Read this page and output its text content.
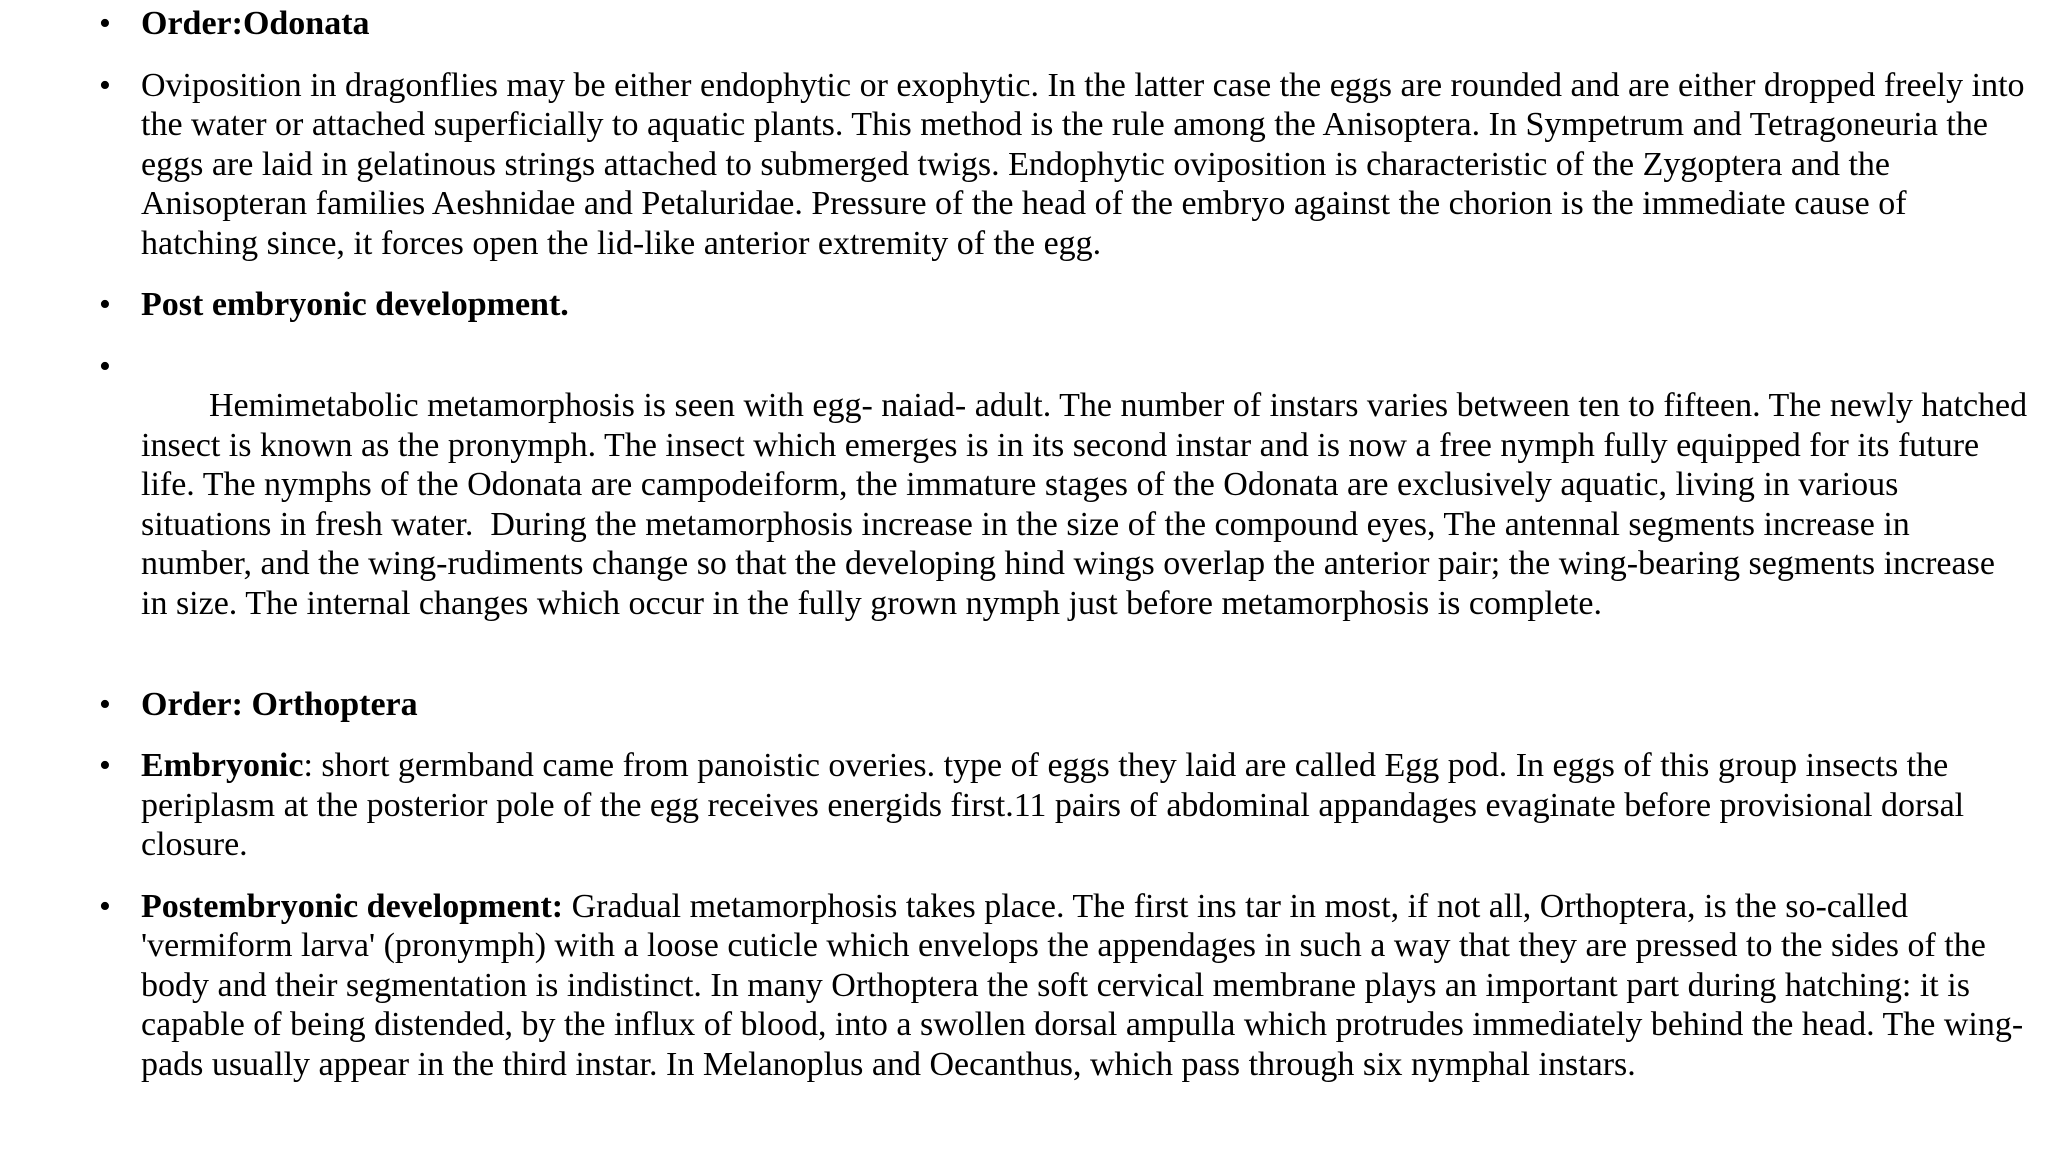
• Order:Odonata
• Oviposition in dragonflies may be either endophytic or exophytic. In the latter case the eggs are rounded and are either dropped freely into the water or attached superficially to aquatic plants. This method is the rule among the Anisoptera. In Sympetrum and Tetragoneuria the eggs are laid in gelatinous strings attached to submerged twigs. Endophytic oviposition is characteristic of the Zygoptera and the Anisopteran families Aeshnidae and Petaluridae. Pressure of the head of the embryo against the chorion is the immediate cause of hatching since, it forces open the lid-like anterior extremity of the egg.
• Post embryonic development.

•
Hemimetabolic metamorphosis is seen with egg- naiad- adult. The number of instars varies between ten to fifteen. The newly hatched insect is known as the pronymph. The insect which emerges is in its second instar and is now a free nymph fully equipped for its future life. The nymphs of the Odonata are campodeiform, the immature stages of the Odonata are exclusively aquatic, living in various situations in fresh water.  During the metamorphosis increase in the size of the compound eyes, The antennal segments increase in number, and the wing-rudiments change so that the developing hind wings overlap the anterior pair; the wing-bearing segments increase in size. The internal changes which occur in the fully grown nymph just before metamorphosis is complete.

• Order: Orthoptera
• Embryonic: short germband came from panoistic overies. type of eggs they laid are called Egg pod. In eggs of this group insects the periplasm at the posterior pole of the egg receives energids first.11 pairs of abdominal appandages evaginate before provisional dorsal closure.
• Postembryonic development: Gradual metamorphosis takes place. The first ins tar in most, if not all, Orthoptera, is the so-called 'vermiform larva' (pronymph) with a loose cuticle which envelops the appendages in such a way that they are pressed to the sides of the body and their segmentation is indistinct. In many Orthoptera the soft cervical membrane plays an important part during hatching: it is capable of being distended, by the influx of blood, into a swollen dorsal ampulla which protrudes immediately behind the head. The wing-pads usually appear in the third instar. In Melanoplus and Oecanthus, which pass through six nymphal instars.
